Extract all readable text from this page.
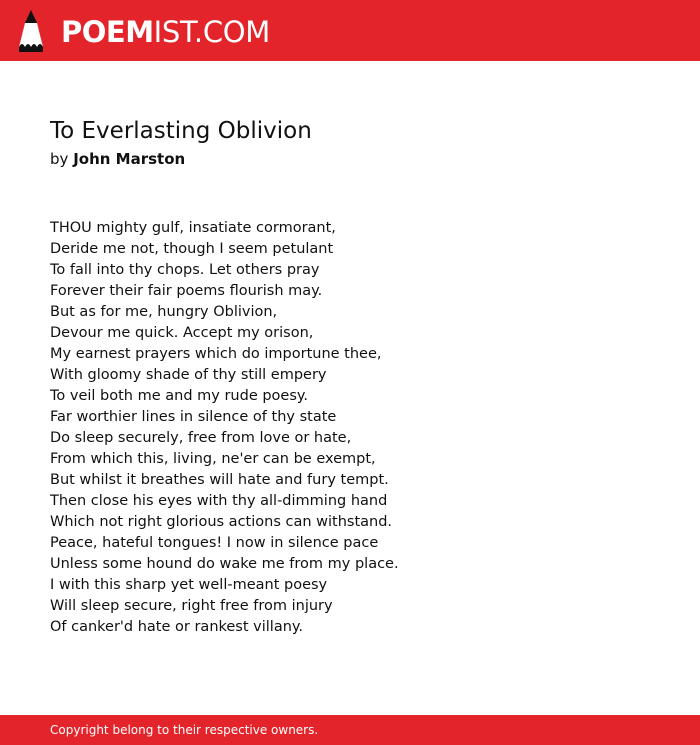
POEMIST.COM
To Everlasting Oblivion
by John Marston
THOU mighty gulf, insatiate cormorant,
Deride me not, though I seem petulant
To fall into thy chops. Let others pray
Forever their fair poems flourish may.
But as for me, hungry Oblivion,
Devour me quick. Accept my orison,
My earnest prayers which do importune thee,
With gloomy shade of thy still empery
To veil both me and my rude poesy.
Far worthier lines in silence of thy state
Do sleep securely, free from love or hate,
From which this, living, ne'er can be exempt,
But whilst it breathes will hate and fury tempt.
Then close his eyes with thy all-dimming hand
Which not right glorious actions can withstand.
Peace, hateful tongues! I now in silence pace
Unless some hound do wake me from my place.
I with this sharp yet well-meant poesy
Will sleep secure, right free from injury
Of canker'd hate or rankest villany.
Copyright belong to their respective owners.
